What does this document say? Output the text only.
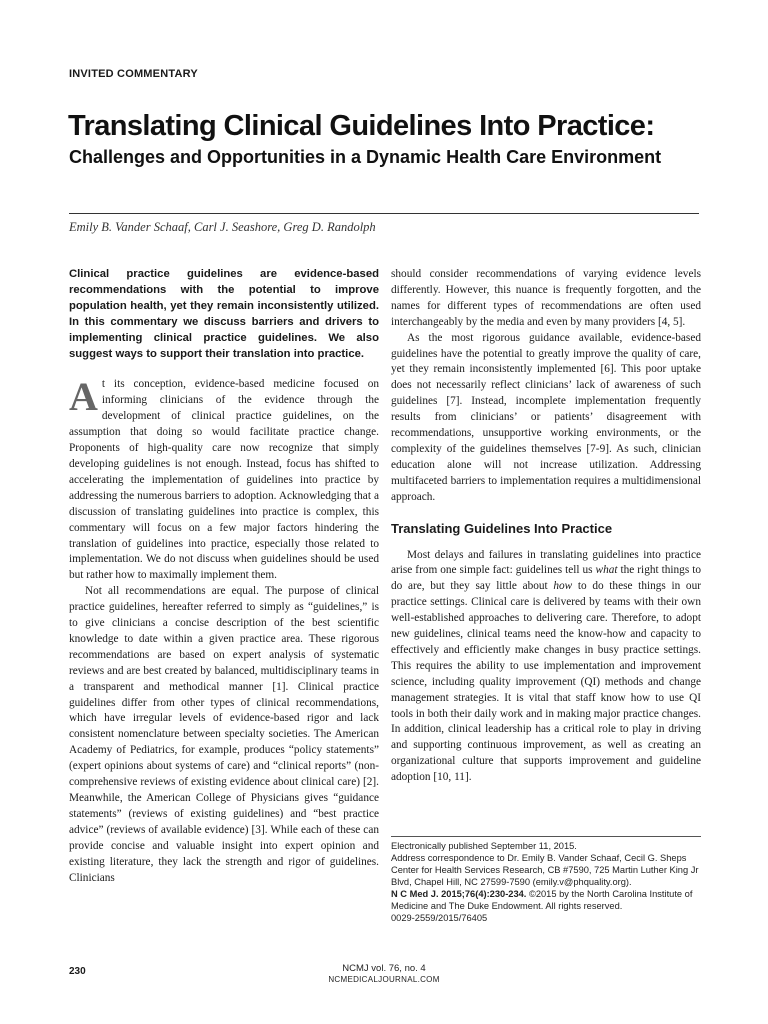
INVITED COMMENTARY
Translating Clinical Guidelines Into Practice:
Challenges and Opportunities in a Dynamic Health Care Environment
Emily B. Vander Schaaf, Carl J. Seashore, Greg D. Randolph

Clinical practice guidelines are evidence-based recommendations with the potential to improve population health, yet they remain inconsistently utilized. In this commentary we discuss barriers and drivers to implementing clinical practice guidelines. We also suggest ways to support their translation into practice.

At its conception, evidence-based medicine focused on informing clinicians of the evidence through the development of clinical practice guidelines, on the assumption that doing so would facilitate practice change. Proponents of high-quality care now recognize that simply developing guidelines is not enough. Instead, focus has shifted to accelerating the implementation of guidelines into practice by addressing the numerous barriers to adoption. Acknowledging that a discussion of translating guidelines into practice is complex, this commentary will focus on a few major factors hindering the translation of guidelines into practice, especially those related to implementation. We do not discuss when guidelines should be used but rather how to maximally implement them.

Not all recommendations are equal. The purpose of clinical practice guidelines, hereafter referred to simply as “guidelines,” is to give clinicians a concise description of the best scientific knowledge to date within a given practice area. These rigorous recommendations are based on expert analysis of systematic reviews and are best created by balanced, multidisciplinary teams in a transparent and methodical manner [1]. Clinical practice guidelines differ from other types of clinical recommendations, which have irregular levels of evidence-based rigor and lack consistent nomenclature between specialty societies. The American Academy of Pediatrics, for example, produces “policy statements” (expert opinions about systems of care) and “clinical reports” (non-comprehensive reviews of existing evidence about clinical care) [2]. Meanwhile, the American College of Physicians gives “guidance statements” (reviews of existing guidelines) and “best practice advice” (reviews of available evidence) [3]. While each of these can provide concise and valuable insight into expert opinion and existing literature, they lack the strength and rigor of guidelines. Clinicians

should consider recommendations of varying evidence levels differently. However, this nuance is frequently forgotten, and the names for different types of recommendations are often used interchangeably by the media and even by many providers [4, 5].

As the most rigorous guidance available, evidence-based guidelines have the potential to greatly improve the quality of care, yet they remain inconsistently implemented [6]. This poor uptake does not necessarily reflect clinicians’ lack of awareness of such guidelines [7]. Instead, incomplete implementation frequently results from clinicians’ or patients’ disagreement with recommendations, unsupportive working environments, or the complexity of the guidelines themselves [7-9]. As such, clinician education alone will not increase utilization. Addressing multifaceted barriers to implementation requires a multidimensional approach.

Translating Guidelines Into Practice

Most delays and failures in translating guidelines into practice arise from one simple fact: guidelines tell us what the right things to do are, but they say little about how to do these things in our practice settings. Clinical care is delivered by teams with their own well-established approaches to delivering care. Therefore, to adopt new guidelines, clinical teams need the know-how and capacity to effectively and efficiently make changes in busy practice settings. This requires the ability to use implementation and improvement science, including quality improvement (QI) methods and change management strategies. It is vital that staff know how to use QI tools in both their daily work and in making major practice changes. In addition, clinical leadership has a critical role to play in driving and supporting continuous improvement, as well as creating an organizational culture that supports improvement and guideline adoption [10, 11].

Electronically published September 11, 2015.
Address correspondence to Dr. Emily B. Vander Schaaf, Cecil G. Sheps Center for Health Services Research, CB #7590, 725 Martin Luther King Jr Blvd, Chapel Hill, NC 27599-7590 (emily.v@phquality.org).
N C Med J. 2015;76(4):230-234. ©2015 by the North Carolina Institute of Medicine and The Duke Endowment. All rights reserved.
0029-2559/2015/76405
230	NCMJ vol. 76, no. 4
NCMEDICALJOURNAL.COM
